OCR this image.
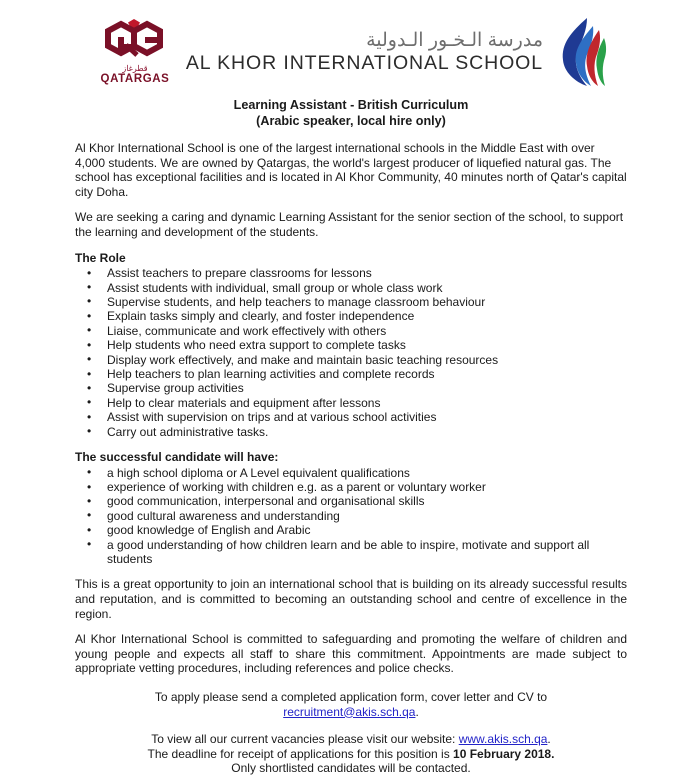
قطرغاز
QATARGAS
مدرسة الـخـور الـدولية
AL KHOR INTERNATIONAL SCHOOL
Learning Assistant - British Curriculum
(Arabic speaker, local hire only)

Al Khor International School is one of the largest international schools in the Middle East with over 4,000 students. We are owned by Qatargas, the world's largest producer of liquefied natural gas. The school has exceptional facilities and is located in Al Khor Community, 40 minutes north of Qatar's capital city Doha.

We are seeking a caring and dynamic Learning Assistant for the senior section of the school, to support the learning and development of the students.

The Role
• Assist teachers to prepare classrooms for lessons
• Assist students with individual, small group or whole class work
• Supervise students, and help teachers to manage classroom behaviour
• Explain tasks simply and clearly, and foster independence
• Liaise, communicate and work effectively with others
• Help students who need extra support to complete tasks
• Display work effectively, and make and maintain basic teaching resources
• Help teachers to plan learning activities and complete records
• Supervise group activities
• Help to clear materials and equipment after lessons
• Assist with supervision on trips and at various school activities
• Carry out administrative tasks.
The successful candidate will have:
• a high school diploma or A Level equivalent qualifications
• experience of working with children e.g. as a parent or voluntary worker
• good communication, interpersonal and organisational skills
• good cultural awareness and understanding
• good knowledge of English and Arabic
• a good understanding of how children learn and be able to inspire, motivate and support all students

This is a great opportunity to join an international school that is building on its already successful results and reputation, and is committed to becoming an outstanding school and centre of excellence in the region.

Al Khor International School is committed to safeguarding and promoting the welfare of children and young people and expects all staff to share this commitment. Appointments are made subject to appropriate vetting procedures, including references and police checks.

To apply please send a completed application form, cover letter and CV to

recruitment@akis.sch.qa.

To view all our current vacancies please visit our website: www.akis.sch.qa.

The deadline for receipt of applications for this position is 10 February 2018.

Only shortlisted candidates will be contacted.
